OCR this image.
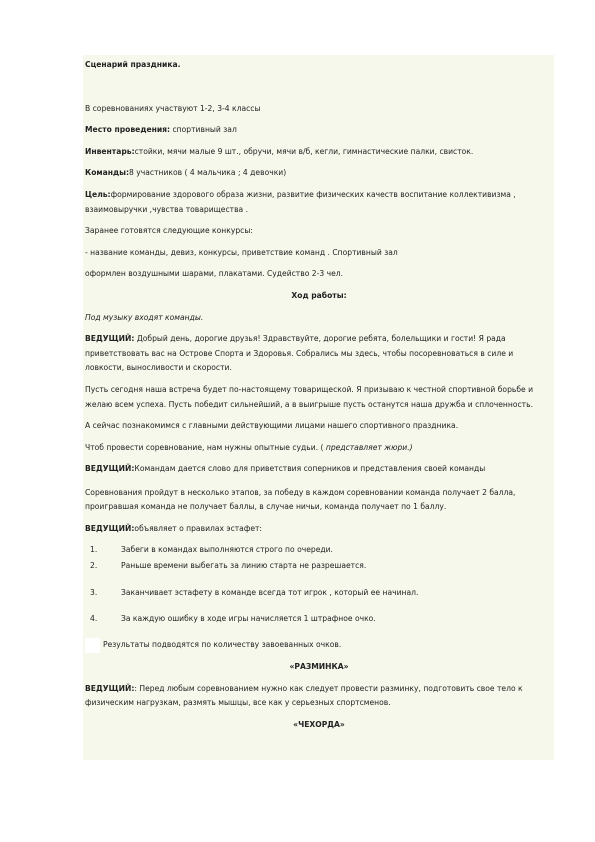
Сценарий праздника.

В соревнованиях участвуют 1-2, 3-4 классы

Место проведения: спортивный зал

Инвентарь:стойки, мячи малые 9 шт., обручи, мячи в/б, кегли, гимнастические палки, свисток.

Команды:8 участников ( 4 мальчика ; 4 девочки)

Цель:формирование здорового образа жизни, развитие физических качеств воспитание коллективизма ,
взаимовыручки ,чувства товарищества .

Заранее готовятся следующие конкурсы:

- название команды, девиз, конкурсы, приветствие команд . Спортивный зал

оформлен воздушными шарами, плакатами. Судейство 2-3 чел.

Ход работы:

Под музыку входят команды.

ВЕДУЩИЙ: Добрый день, дорогие друзья! Здравствуйте, дорогие ребята, болельщики и гости! Я рада приветствовать вас на Острове Спорта и Здоровья. Собрались мы здесь, чтобы посоревноваться в силе и ловкости, выносливости и скорости.

Пусть сегодня наша встреча будет по-настоящему товарищеской. Я призываю к честной спортивной борьбе и желаю всем успеха. Пусть победит сильнейший, а в выигрыше пусть останутся наша дружба и сплоченность.

А сейчас познакомимся с главными действующими лицами нашего спортивного праздника.

Чтоб провести соревнование, нам нужны опытные судьи. ( представляет жюри.)

ВЕДУЩИЙ:Командам дается слово для приветствия соперников и представления своей команды

Соревнования пройдут в несколько этапов, за победу в каждом соревновании команда получает 2 балла, проигравшая команда не получает баллы, в случае ничьи, команда получает по 1 баллу.

ВЕДУЩИЙ:объявляет о правилах эстафет:

1.	Забеги в командах выполняются строго по очереди.
2.	Раньше времени выбегать за линию старта не разрешается.
3.	Заканчивает эстафету в команде всегда тот игрок , который ее начинал.
4.	За каждую ошибку в ходе игры начисляется 1 штрафное очко.
Результаты подводятся по количеству завоеванных очков.

«РАЗМИНКА»

ВЕДУЩИЙ:: Перед любым соревнованием нужно как следует провести разминку, подготовить свое тело к физическим нагрузкам, размять мышцы, все как у серьезных спортсменов.

«ЧЕХОРДА»
